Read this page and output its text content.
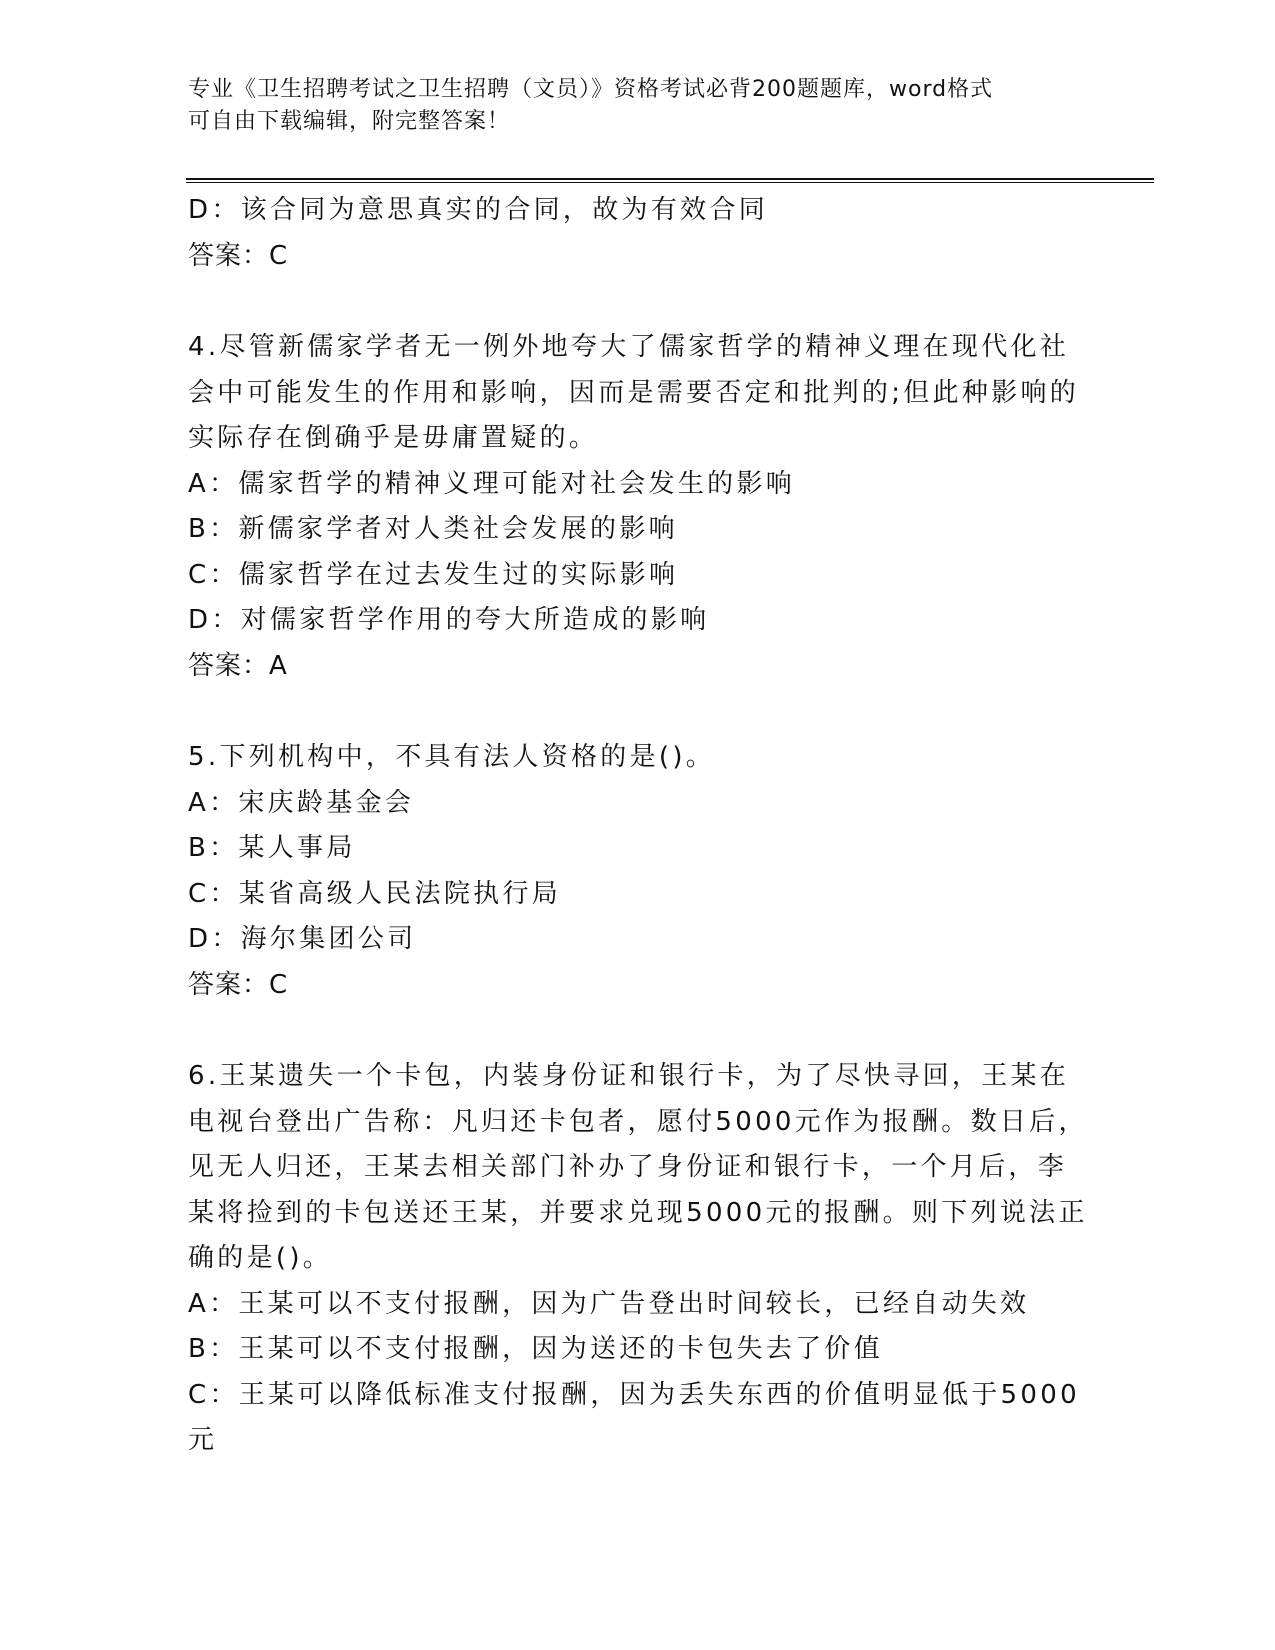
专业《卫生招聘考试之卫生招聘（文员）》资格考试必背200题题库，word格式
可自由下载编辑，附完整答案！
D：该合同为意思真实的合同，故为有效合同
答案：C
4.尽管新儒家学者无一例外地夸大了儒家哲学的精神义理在现代化社
会中可能发生的作用和影响，因而是需要否定和批判的;但此种影响的
实际存在倒确乎是毋庸置疑的。
A：儒家哲学的精神义理可能对社会发生的影响
B：新儒家学者对人类社会发展的影响
C：儒家哲学在过去发生过的实际影响
D：对儒家哲学作用的夸大所造成的影响
答案：A
5.下列机构中，不具有法人资格的是()。
A：宋庆龄基金会
B：某人事局
C：某省高级人民法院执行局
D：海尔集团公司
答案：C
6.王某遗失一个卡包，内装身份证和银行卡，为了尽快寻回，王某在
电视台登出广告称：凡归还卡包者，愿付5000元作为报酬。数日后，
见无人归还，王某去相关部门补办了身份证和银行卡，一个月后，李
某将捡到的卡包送还王某，并要求兑现5000元的报酬。则下列说法正
确的是()。
A：王某可以不支付报酬，因为广告登出时间较长，已经自动失效
B：王某可以不支付报酬，因为送还的卡包失去了价值
C：王某可以降低标准支付报酬，因为丢失东西的价值明显低于5000
元
